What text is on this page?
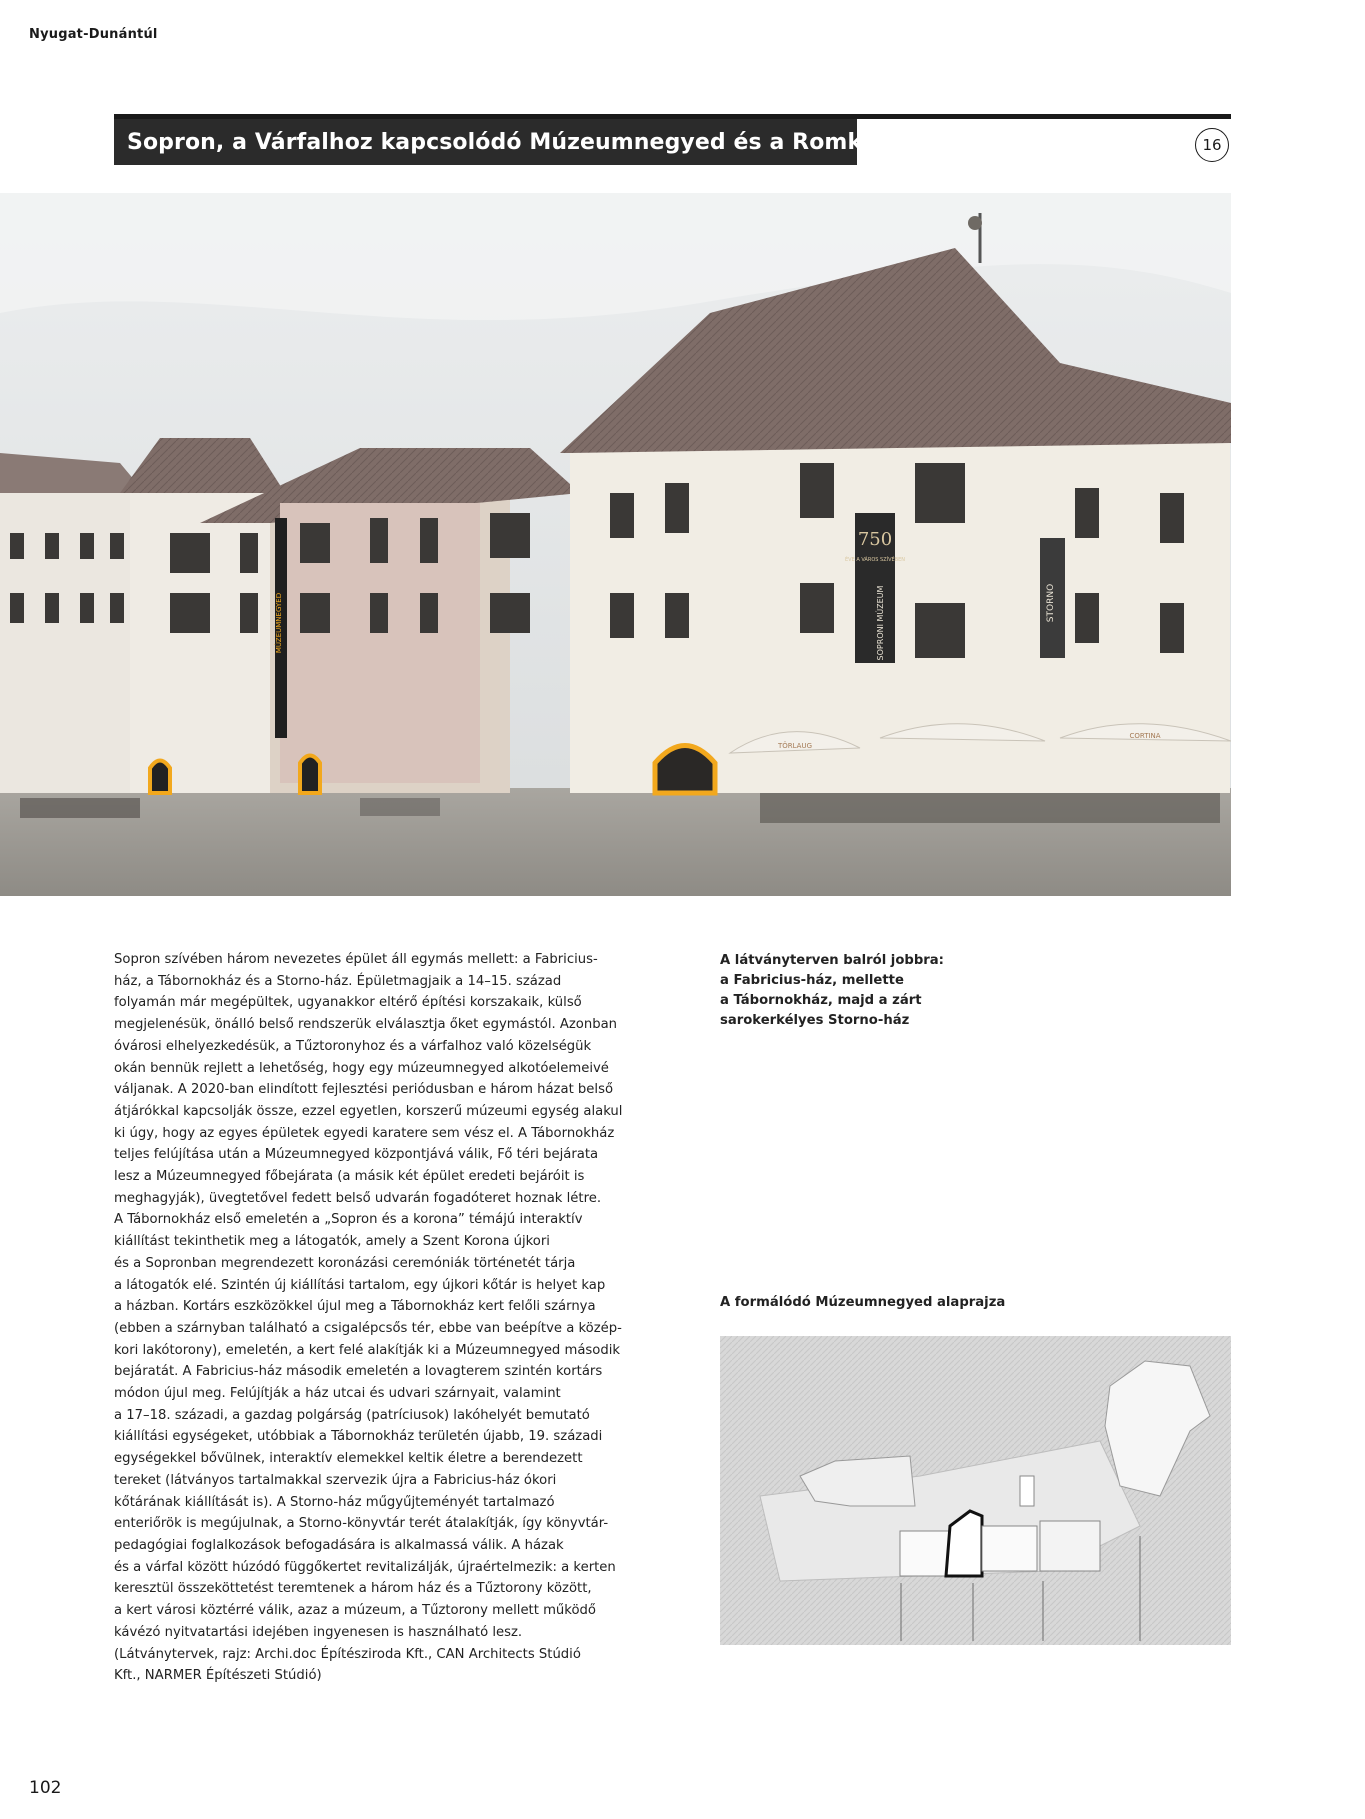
Nyugat-Dunántúl
Sopron, a Várfalhoz kapcsolódó Múzeumnegyed és a Romkert	16
MÚZEUMNEGYED
750
ÉVE A VÁROS SZÍVÉBEN
SOPRONI MÚZEUM	STORNO
TÖRLAUG
CORTINA

Sopron szívében három nevezetes épület áll egymás mellett: a Fabricius-

ház, a Tábornokház és a Storno-ház. Épületmagjaik a 14–15. század

folyamán már megépültek, ugyanakkor eltérő építési korszakaik, külső

megjelenésük, önálló belső rendszerük elválasztja őket egymástól. Azonban

óvárosi elhelyezkedésük, a Tűztoronyhoz és a várfalhoz való közelségük

okán bennük rejlett a lehetőség, hogy egy múzeumnegyed alkotóelemeivé

váljanak. A 2020-ban elindított fejlesztési periódusban e három házat belső

átjárókkal kapcsolják össze, ezzel egyetlen, korszerű múzeumi egység alakul

ki úgy, hogy az egyes épületek egyedi karatere sem vész el. A Tábornokház

teljes felújítása után a Múzeumnegyed központjává válik, Fő téri bejárata

lesz a Múzeumnegyed főbejárata (a másik két épület eredeti bejáróit is

meghagyják), üvegtetővel fedett belső udvarán fogadóteret hoznak létre.

A Tábornokház első emeletén a „Sopron és a korona” témájú interaktív

kiállítást tekinthetik meg a látogatók, amely a Szent Korona újkori

és a Sopronban megrendezett koronázási ceremóniák történetét tárja

a látogatók elé. Szintén új kiállítási tartalom, egy újkori kőtár is helyet kap

a házban. Kortárs eszközökkel újul meg a Tábornokház kert felőli szárnya

(ebben a szárnyban található a csigalépcsős tér, ebbe van beépítve a közép-

kori lakótorony), emeletén, a kert felé alakítják ki a Múzeumnegyed második

bejáratát. A Fabricius-ház második emeletén a lovagterem szintén kortárs

módon újul meg. Felújítják a ház utcai és udvari szárnyait, valamint

a 17–18. századi, a gazdag polgárság (patríciusok) lakóhelyét bemutató

kiállítási egységeket, utóbbiak a Tábornokház területén újabb, 19. századi

egységekkel bővülnek, interaktív elemekkel keltik életre a berendezett

tereket (látványos tartalmakkal szervezik újra a Fabricius-ház ókori

kőtárának kiállítását is). A Storno-ház műgyűjteményét tartalmazó

enteriőrök is megújulnak, a Storno-könyvtár terét átalakítják, így könyvtár-

pedagógiai foglalkozások befogadására is alkalmassá válik. A házak

és a várfal között húzódó függőkertet revitalizálják, újraértelmezik: a kerten

keresztül összeköttetést teremtenek a három ház és a Tűztorony között,

a kert városi köztérré válik, azaz a múzeum, a Tűztorony mellett működő

kávézó nyitvatartási idejében ingyenesen is használható lesz.

(Látványtervek, rajz: Archi.doc Építésziroda Kft., CAN Architects Stúdió

Kft., NARMER Építészeti Stúdió)

A látványterven balról jobbra:

a Fabricius-ház, mellette

a Tábornokház, majd a zárt

sarokerkélyes Storno-ház

A formálódó Múzeumnegyed alaprajza
102
